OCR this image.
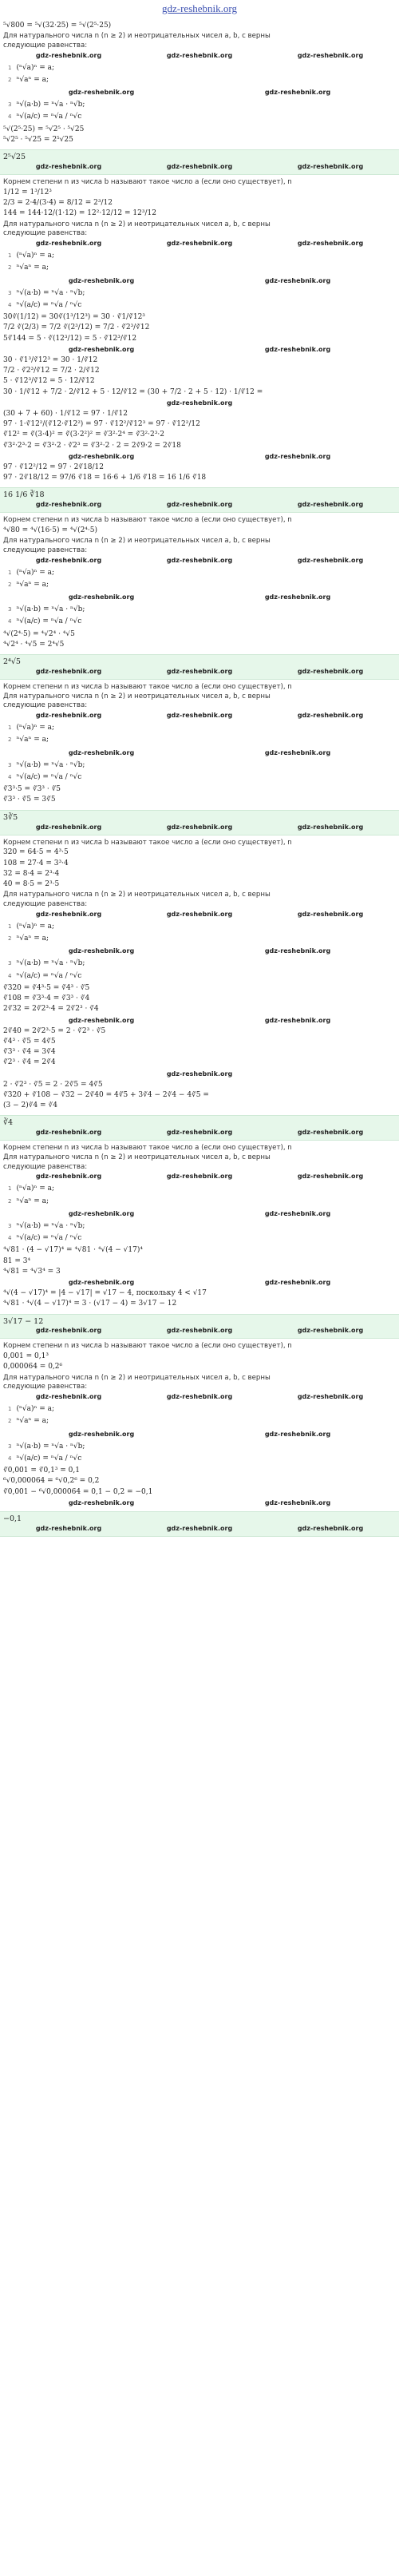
gdz-reshebnik.org
⁵√800 = ⁵√(32·25) = ⁵√(2⁵·25)
Для натурального числа n (n ≥ 2) и неотрицательных чисел a, b, c верны
следующие равенства:
gdz-reshebnik.org	gdz-reshebnik.org	gdz-reshebnik.org
1 (ⁿ√a)ⁿ = a;
2 ⁿ√aⁿ = a;
gdz-reshebnik.org	gdz-reshebnik.org
3 ⁿ√(a·b) = ⁿ√a · ⁿ√b;
4 ⁿ√(a/c) = ⁿ√a / ⁿ√c
⁵√(2⁵·25) = ⁵√2⁵ · ⁵√25
⁵√2⁵ · ⁵√25 = 2⁵√25
2⁵√25
gdz-reshebnik.org	gdz-reshebnik.org	gdz-reshebnik.org
Корнем степени n из числа b называют такое число a (если оно существует), n
1/12 = 1³/12³
2/3 = 2·4/(3·4) = 8/12 = 2³/12
144 = 144·12/(1·12) = 12²·12/12 = 12³/12
Для натурального числа n (n ≥ 2) и неотрицательных чисел a, b, c верны
следующие равенства:
gdz-reshebnik.org	gdz-reshebnik.org	gdz-reshebnik.org
1 (ⁿ√a)ⁿ = a;
2 ⁿ√aⁿ = a;
gdz-reshebnik.org	gdz-reshebnik.org
3 ⁿ√(a·b) = ⁿ√a · ⁿ√b;
4 ⁿ√(a/c) = ⁿ√a / ⁿ√c
30∛(1/12) = 30∛(1³/12³) = 30 · ∛1/∛12³
7/2 ∛(2/3) = 7/2 ∛(2³/12) = 7/2 · ∛2³/∛12
5∛144 = 5 · ∛(12³/12) = 5 · ∛12³/∛12
gdz-reshebnik.org	gdz-reshebnik.org
30 · ∛1³/∛12³ = 30 · 1/∛12
7/2 · ∛2³/∛12 = 7/2 · 2/∛12
5 · ∛12³/∛12 = 5 · 12/∛12
30 · 1/∛12 + 7/2 · 2/∛12 + 5 · 12/∛12 = (30 + 7/2 · 2 + 5 · 12) · 1/∛12 =
gdz-reshebnik.org
(30 + 7 + 60) · 1/∛12 = 97 · 1/∛12
97 · 1·∛12²/(∛12·∛12²) = 97 · ∛12²/∛12³ = 97 · ∛12²/12
∛12² = ∛(3·4)² = ∛(3·2²)² = ∛3²·2⁴ = ∛3²·2³·2
∛3²·2³·2 = ∛3²·2 · ∛2³ = ∛3²·2 · 2 = 2∛9·2 = 2∛18
gdz-reshebnik.org	gdz-reshebnik.org
97 · ∛12²/12 = 97 · 2∛18/12
97 · 2∛18/12 = 97/6 ∛18 = 16·6 + 1/6 ∛18 = 16 1/6 ∛18
16 1/6 ∛18
gdz-reshebnik.org	gdz-reshebnik.org	gdz-reshebnik.org
Корнем степени n из числа b называют такое число a (если оно существует), n
⁴√80 = ⁴√(16·5) = ⁴√(2⁴·5)
Для натурального числа n (n ≥ 2) и неотрицательных чисел a, b, c верны
следующие равенства:
gdz-reshebnik.org	gdz-reshebnik.org	gdz-reshebnik.org
1 (ⁿ√a)ⁿ = a;
2 ⁿ√aⁿ = a;
gdz-reshebnik.org	gdz-reshebnik.org
3 ⁿ√(a·b) = ⁿ√a · ⁿ√b;
4 ⁿ√(a/c) = ⁿ√a / ⁿ√c
⁴√(2⁴·5) = ⁴√2⁴ · ⁴√5
⁴√2⁴ · ⁴√5 = 2⁴√5
2⁴√5
gdz-reshebnik.org	gdz-reshebnik.org	gdz-reshebnik.org
Корнем степени n из числа b называют такое число a (если оно существует), n
Для натурального числа n (n ≥ 2) и неотрицательных чисел a, b, c верны
следующие равенства:
gdz-reshebnik.org	gdz-reshebnik.org	gdz-reshebnik.org
1 (ⁿ√a)ⁿ = a;
2 ⁿ√aⁿ = a;
gdz-reshebnik.org	gdz-reshebnik.org
3 ⁿ√(a·b) = ⁿ√a · ⁿ√b;
4 ⁿ√(a/c) = ⁿ√a / ⁿ√c
∛3³·5 = ∛3³ · ∛5
∛3³ · ∛5 = 3∛5
3∛5
gdz-reshebnik.org	gdz-reshebnik.org	gdz-reshebnik.org
Корнем степени n из числа b называют такое число a (если оно существует), n
320 = 64·5 = 4³·5
108 = 27·4 = 3³·4
32 = 8·4 = 2³·4
40 = 8·5 = 2³·5
Для натурального числа n (n ≥ 2) и неотрицательных чисел a, b, c верны
следующие равенства:
gdz-reshebnik.org	gdz-reshebnik.org	gdz-reshebnik.org
1 (ⁿ√a)ⁿ = a;
2 ⁿ√aⁿ = a;
gdz-reshebnik.org	gdz-reshebnik.org
3 ⁿ√(a·b) = ⁿ√a · ⁿ√b;
4 ⁿ√(a/c) = ⁿ√a / ⁿ√c
∛320 = ∛4³·5 = ∛4³ · ∛5
∛108 = ∛3³·4 = ∛3³ · ∛4
2∛32 = 2∛2³·4 = 2∛2³ · ∛4
gdz-reshebnik.org	gdz-reshebnik.org
2∛40 = 2∛2³·5 = 2 · ∛2³ · ∛5
∛4³ · ∛5 = 4∛5
∛3³ · ∛4 = 3∛4
∛2³ · ∛4 = 2∛4
gdz-reshebnik.org
2 · ∛2³ · ∛5 = 2 · 2∛5 = 4∛5
∛320 + ∛108 − ∛32 − 2∛40 = 4∛5 + 3∛4 − 2∛4 − 4∛5 =
(3 − 2)∛4 = ∛4
∛4
gdz-reshebnik.org	gdz-reshebnik.org	gdz-reshebnik.org
Корнем степени n из числа b называют такое число a (если оно существует), n
Для натурального числа n (n ≥ 2) и неотрицательных чисел a, b, c верны
следующие равенства:
gdz-reshebnik.org	gdz-reshebnik.org	gdz-reshebnik.org
1 (ⁿ√a)ⁿ = a;
2 ⁿ√aⁿ = a;
gdz-reshebnik.org	gdz-reshebnik.org
3 ⁿ√(a·b) = ⁿ√a · ⁿ√b;
4 ⁿ√(a/c) = ⁿ√a / ⁿ√c
⁴√81 · (4 − √17)⁴ = ⁴√81 · ⁴√(4 − √17)⁴
81 = 3⁴
⁴√81 = ⁴√3⁴ = 3
gdz-reshebnik.org	gdz-reshebnik.org
⁴√(4 − √17)⁴ = |4 − √17| = √17 − 4, поскольку 4 < √17
⁴√81 · ⁴√(4 − √17)⁴ = 3 · (√17 − 4) = 3√17 − 12
3√17 − 12
gdz-reshebnik.org	gdz-reshebnik.org	gdz-reshebnik.org
Корнем степени n из числа b называют такое число a (если оно существует), n
0,001 = 0,1³
0,000064 = 0,2⁶
Для натурального числа n (n ≥ 2) и неотрицательных чисел a, b, c верны
следующие равенства:
gdz-reshebnik.org	gdz-reshebnik.org	gdz-reshebnik.org
1 (ⁿ√a)ⁿ = a;
2 ⁿ√aⁿ = a;
gdz-reshebnik.org	gdz-reshebnik.org
3 ⁿ√(a·b) = ⁿ√a · ⁿ√b;
4 ⁿ√(a/c) = ⁿ√a / ⁿ√c
∛0,001 = ∛0,1³ = 0,1
⁶√0,000064 = ⁶√0,2⁶ = 0,2
∛0,001 − ⁶√0,000064 = 0,1 − 0,2 = −0,1
gdz-reshebnik.org	gdz-reshebnik.org
−0,1
gdz-reshebnik.org	gdz-reshebnik.org	gdz-reshebnik.org
